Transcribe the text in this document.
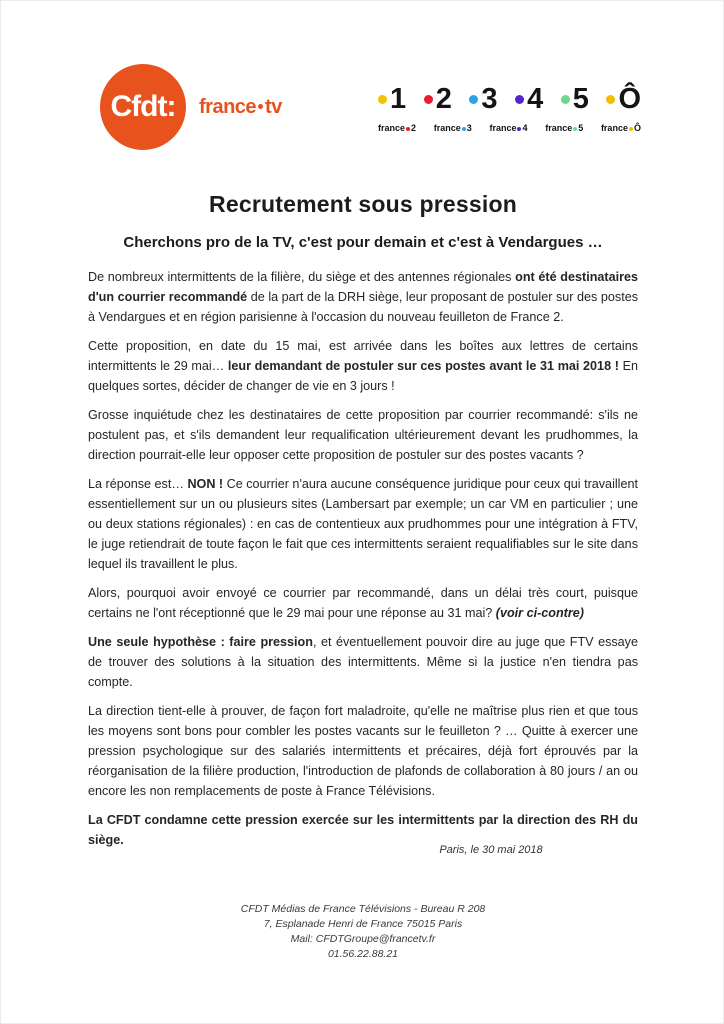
Cfdt: france tv	1 2 3 4 5 Ô
france 2 france 3 france 4 france 5 france Ô
Recrutement sous pression
Cherchons pro de la TV, c'est pour demain et c'est à Vendargues …

De nombreux intermittents de la filière, du siège et des antennes régionales ont été destinataires d'un courrier recommandé de la part de la DRH siège, leur proposant de postuler sur des postes à Vendargues et en région parisienne à l'occasion du nouveau feuilleton de France 2.

Cette proposition, en date du 15 mai, est arrivée dans les boîtes aux lettres de certains intermittents le 29 mai… leur demandant de postuler sur ces postes avant le 31 mai 2018 ! En quelques sortes, décider de changer de vie en 3 jours !

Grosse inquiétude chez les destinataires de cette proposition par courrier recommandé: s'ils ne postulent pas, et s'ils demandent leur requalification ultérieurement devant les prudhommes, la direction pourrait-elle leur opposer cette proposition de postuler sur des postes vacants ?

La réponse est… NON ! Ce courrier n'aura aucune conséquence juridique pour ceux qui travaillent essentiellement sur un ou plusieurs sites (Lambersart par exemple; un car VM en particulier ; une ou deux stations régionales) : en cas de contentieux aux prudhommes pour une intégration à FTV, le juge retiendrait de toute façon le fait que ces intermittents seraient requalifiables sur le site dans lequel ils travaillent le plus.

Alors, pourquoi avoir envoyé ce courrier par recommandé, dans un délai très court, puisque certains ne l'ont réceptionné que le 29 mai pour une réponse au 31 mai? (voir ci-contre)

Une seule hypothèse : faire pression, et éventuellement pouvoir dire au juge que FTV essaye de trouver des solutions à la situation des intermittents. Même si la justice n'en tiendra pas compte.

La direction tient-elle à prouver, de façon fort maladroite, qu'elle ne maîtrise plus rien et que tous les moyens sont bons pour combler les postes vacants sur le feuilleton ? … Quitte à exercer une pression psychologique sur des salariés intermittents et précaires, déjà fort éprouvés par la réorganisation de la filière production, l'introduction de plafonds de collaboration à 80 jours / an ou encore les non remplacements de poste à France Télévisions.

La CFDT condamne cette pression exercée sur les intermittents par la direction des RH du siège.

Paris, le 30 mai 2018
CFDT Médias de France Télévisions - Bureau R 208
7, Esplanade Henri de France 75015 Paris
Mail: CFDTGroupe@francetv.fr
01.56.22.88.21
